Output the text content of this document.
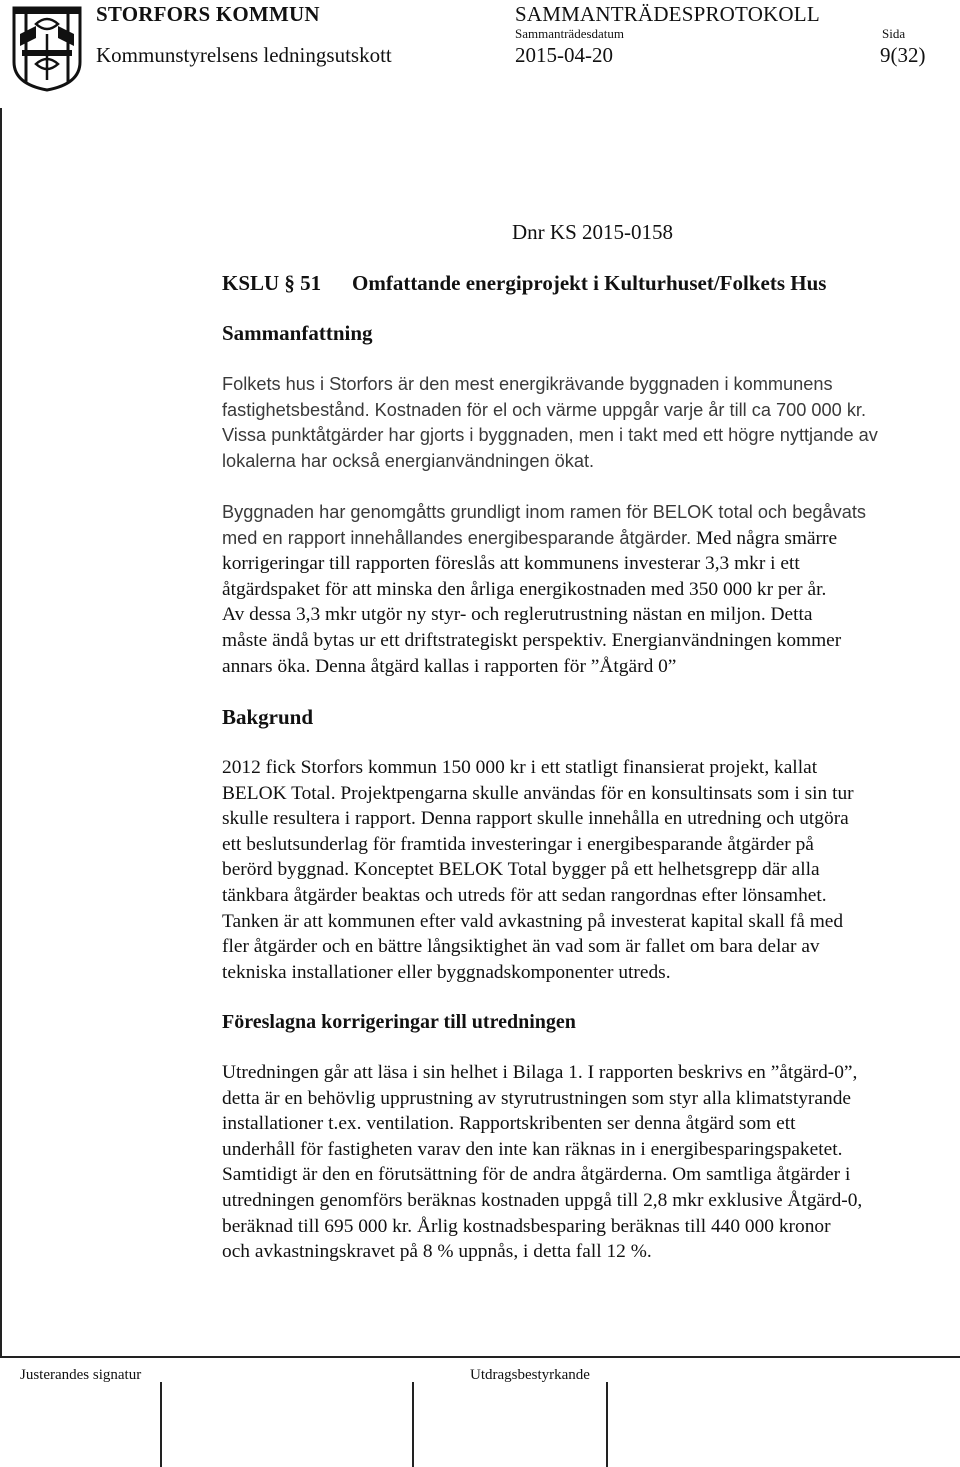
STORFORS KOMMUN
Kommunstyrelsens ledningsutskott
SAMMANTRÄDESPROTOKOLL
Sammanträdesdatum
2015-04-20
Sida
9(32)
Dnr KS 2015-0158
KSLU § 51 Omfattande energiprojekt i Kulturhuset/Folkets Hus
Sammanfattning
Folkets hus i Storfors är den mest energikrävande byggnaden i kommunens
fastighetsbestånd. Kostnaden för el och värme uppgår varje år till ca 700 000 kr.
Vissa punktåtgärder har gjorts i byggnaden, men i takt med ett högre nyttjande av
lokalerna har också energianvändningen ökat.
Byggnaden har genomgåtts grundligt inom ramen för BELOK total och begåvats
med en rapport innehållandes energibesparande åtgärder. Med några smärre
korrigeringar till rapporten föreslås att kommunens investerar 3,3 mkr i ett
åtgärdspaket för att minska den årliga energikostnaden med 350 000 kr per år.
Av dessa 3,3 mkr utgör ny styr- och reglerutrustning nästan en miljon. Detta
måste ändå bytas ur ett driftstrategiskt perspektiv. Energianvändningen kommer
annars öka. Denna åtgärd kallas i rapporten för ”Åtgärd 0”
Bakgrund
2012 fick Storfors kommun 150 000 kr i ett statligt finansierat projekt, kallat
BELOK Total. Projektpengarna skulle användas för en konsultinsats som i sin tur
skulle resultera i rapport. Denna rapport skulle innehålla en utredning och utgöra
ett beslutsunderlag för framtida investeringar i energibesparande åtgärder på
berörd byggnad. Konceptet BELOK Total bygger på ett helhetsgrepp där alla
tänkbara åtgärder beaktas och utreds för att sedan rangordnas efter lönsamhet.
Tanken är att kommunen efter vald avkastning på investerat kapital skall få med
fler åtgärder och en bättre långsiktighet än vad som är fallet om bara delar av
tekniska installationer eller byggnadskomponenter utreds.
Föreslagna korrigeringar till utredningen
Utredningen går att läsa i sin helhet i Bilaga 1. I rapporten beskrivs en ”åtgärd-0”,
detta är en behövlig upprustning av styrutrustningen som styr alla klimatstyrande
installationer t.ex. ventilation. Rapportskribenten ser denna åtgärd som ett
underhåll för fastigheten varav den inte kan räknas in i energibesparingspaketet.
Samtidigt är den en förutsättning för de andra åtgärderna. Om samtliga åtgärder i
utredningen genomförs beräknas kostnaden uppgå till 2,8 mkr exklusive Åtgärd-0,
beräknad till 695 000 kr. Årlig kostnadsbesparing beräknas till 440 000 kronor
och avkastningskravet på 8 % uppnås, i detta fall 12 %.
Justerandes signatur	Utdragsbestyrkande
